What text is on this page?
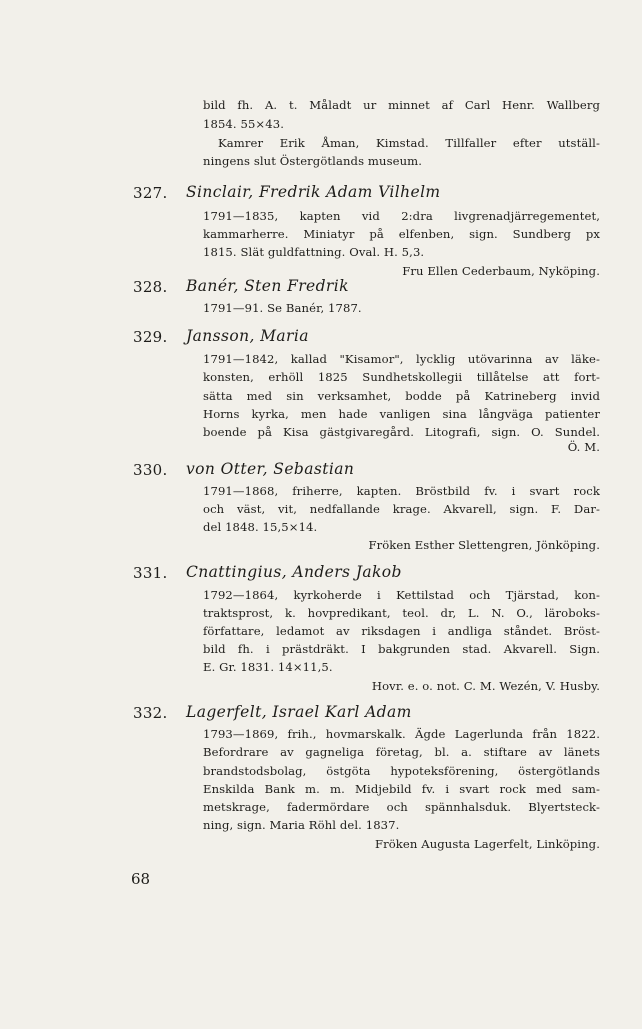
bild fh. A. t. Måladt ur minnet af Carl Henr. Wallberg
1854. 55×43.
Kamrer Erik Åman, Kimstad. Tillfaller efter utställ-
ningens slut Östergötlands museum.
327.	Sinclair, Fredrik Adam Vilhelm
1791—1835, kapten vid 2:dra livgrenadjärregementet,
kammarherre. Miniatyr på elfenben, sign. Sundberg px
1815. Slät guldfattning. Oval. H. 5,3.
Fru Ellen Cederbaum, Nyköping.
328.	Banér, Sten Fredrik
1791—91. Se Banér, 1787.
329.	Jansson, Maria
1791—1842, kallad "Kisamor", lycklig utövarinna av läke-
konsten, erhöll 1825 Sundhetskollegii tillåtelse att fort-
sätta med sin verksamhet, bodde på Katrineberg invid
Horns kyrka, men hade vanligen sina långväga patienter
boende på Kisa gästgivaregård. Litografi, sign. O. Sundel.
Ö. M.
330.	von Otter, Sebastian
1791—1868, friherre, kapten. Bröstbild fv. i svart rock
och väst, vit, nedfallande krage. Akvarell, sign. F. Dar-
del 1848. 15,5×14.
Fröken Esther Slettengren, Jönköping.
331.	Cnattingius, Anders Jakob
1792—1864, kyrkoherde i Kettilstad och Tjärstad, kon-
traktsprost, k. hovpredikant, teol. dr, L. N. O., läroboks-
författare, ledamot av riksdagen i andliga ståndet. Bröst-
bild fh. i prästdräkt. I bakgrunden stad. Akvarell. Sign.
E. Gr. 1831. 14×11,5.
Hovr. e. o. not. C. M. Wezén, V. Husby.
332.	Lagerfelt, Israel Karl Adam
1793—1869, frih., hovmarskalk. Ägde Lagerlunda från 1822.
Befordrare av gagneliga företag, bl. a. stiftare av länets
brandstodsbolag, östgöta hypoteksförening, östergötlands
Enskilda Bank m. m. Midjebild fv. i svart rock med sam-
metskrage, fadermördare och spännhalsduk. Blyertsteck-
ning, sign. Maria Röhl del. 1837.
Fröken Augusta Lagerfelt, Linköping.
68
